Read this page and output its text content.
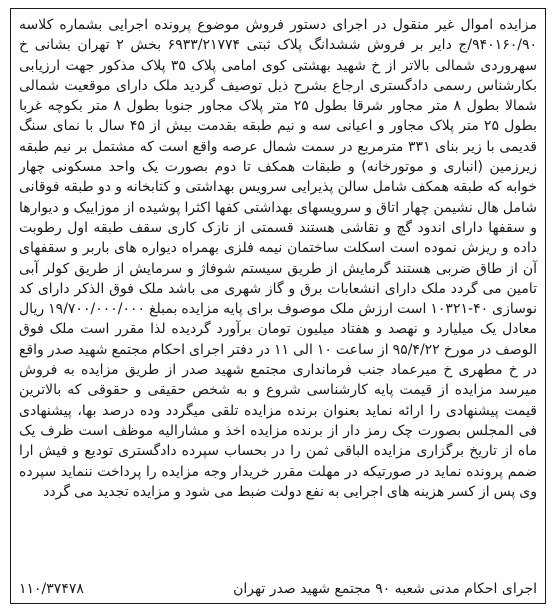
مزایده اموال غیر منقول در اجرای دستور فروش موضوع پرونده اجرایی بشماره کلاسه ۹۴۰۱۶۰/۹۰/ج دایر بر فروش ششدانگ پلاک ثبتی ۶۹۳۳/۲۱۷۷۴ بخش ۲ تهران بشانی خ سهروردی شمالی بالاتر از خ شهید بهشتی کوی امامی پلاک ۳۵ پلاک مذکور جهت ارزیابی بکارشناس رسمی دادگستری ارجاع بشرح ذیل توصیف گردید ملک دارای موقعیت شمالی شمالا بطول ۸ متر مجاور شرقا بطول ۲۵ متر پلاک مجاور جنوبا بطول ۸ متر بکوچه غربا بطول ۲۵ متر پلاک مجاور و اعیانی سه و نیم طبقه بقدمت بیش از ۴۵ سال با نمای سنگ قدیمی با زیر بنای ۳۳۱ مترمربع در سمت شمال عرصه واقع است که مشتمل بر نیم طبقه زیرزمین (انباری و موتورخانه) و طبقات همکف تا دوم بصورت یک واحد مسکونی چهار خوابه که طبقه همکف شامل سالن پذیرایی سرویس بهداشتی و کتابخانه و دو طبقه فوقانی شامل هال نشیمن چهار اتاق و سرویسهای بهداشتی کفها اکثرا پوشیده از موزاییک و دیوارها و سقفها دارای اندود گچ و نقاشی هستند قسمتی از نازک کاری سقف طبقه اول رطوبت داده و ریزش نموده است اسکلت ساختمان نیمه فلزی بهمراه دیواره های باربر و سقفهای آن از طاق ضربی هستند گرمایش از طریق سیستم شوفاژ و سرمایش از طریق کولر آبی تامین می گردد ملک دارای انشعابات برق و گاز شهری می باشد ملک فوق الذکر دارای کد نوسازی ۴۰-۱۰۳۲۱ است ارزش ملک موصوف برای پایه مزایده بمبلغ ۱۹/۷۰۰/۰۰۰/۰۰۰ ریال معادل یک میلیارد و نهصد و هفتاد میلیون تومان برآورد گردیده لذا مقرر است ملک فوق الوصف در مورخ ۹۵/۴/۲۲ از ساعت ۱۰ الی ۱۱ در دفتر اجرای احکام مجتمع شهید صدر واقع در خ مطهری خ میرعماد جنب فرمانداری مجتمع شهید صدر از طریق مزایده به فروش میرسد مزایده از قیمت پایه کارشناسی شروع و به شخص حقیقی و حقوقی که بالاترین قیمت پیشنهادی را ارائه نماید بعنوان برنده مزایده تلقی میگردد وده درصد بها، پیشنهادی فی المجلس بصورت چک رمز دار از برنده مزایده اخذ و مشارالیه موظف است ظرف یک ماه از تاریخ برگزاری مزایده الباقی ثمن را در بحساب سپرده دادگستری تودیع و فیش ارا ضمم پرونده نماید در صورتیکه در مهلت مقرر خریدار وجه مزایده را پرداخت ننماید سپرده وی پس از کسر هزینه های اجرایی به نفع دولت ضبط می شود و مزایده تجدید می گردد

اجرای احکام مدنی شعبه ۹۰ مجتمع شهید صدر تهران
۱۱۰/۳۷۴۷۸
